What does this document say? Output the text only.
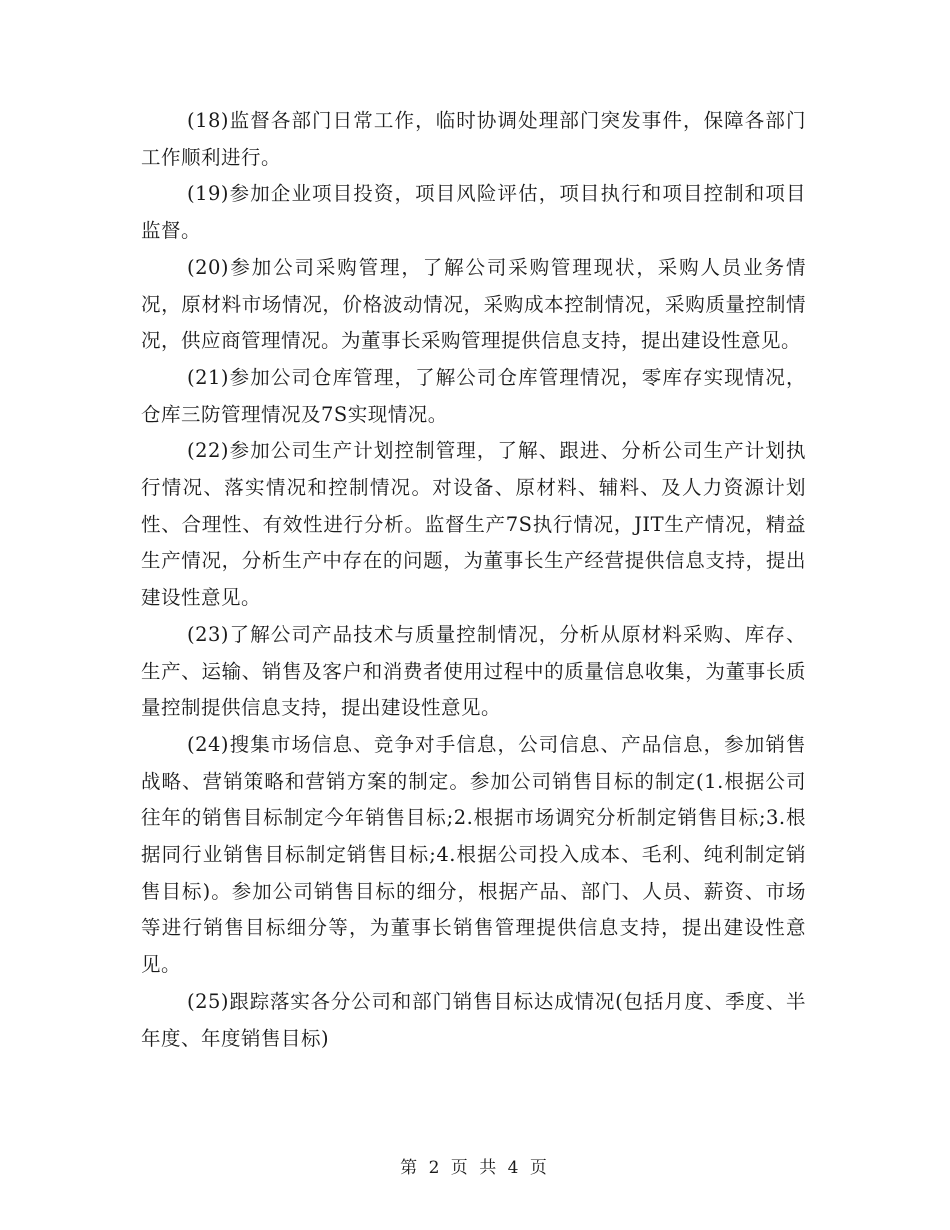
(18)监督各部门日常工作，临时协调处理部门突发事件，保障各部门工作顺利进行。

(19)参加企业项目投资，项目风险评估，项目执行和项目控制和项目监督。

(20)参加公司采购管理，了解公司采购管理现状，采购人员业务情况，原材料市场情况，价格波动情况，采购成本控制情况，采购质量控制情况，供应商管理情况。为董事长采购管理提供信息支持，提出建设性意见。

(21)参加公司仓库管理，了解公司仓库管理情况，零库存实现情况，仓库三防管理情况及7S实现情况。

(22)参加公司生产计划控制管理，了解、跟进、分析公司生产计划执行情况、落实情况和控制情况。对设备、原材料、辅料、及人力资源计划性、合理性、有效性进行分析。监督生产7S执行情况，JIT生产情况，精益生产情况，分析生产中存在的问题，为董事长生产经营提供信息支持，提出建设性意见。

(23)了解公司产品技术与质量控制情况，分析从原材料采购、库存、生产、运输、销售及客户和消费者使用过程中的质量信息收集，为董事长质量控制提供信息支持，提出建设性意见。

(24)搜集市场信息、竞争对手信息，公司信息、产品信息，参加销售战略、营销策略和营销方案的制定。参加公司销售目标的制定(1.根据公司往年的销售目标制定今年销售目标;2.根据市场调究分析制定销售目标;3.根据同行业销售目标制定销售目标;4.根据公司投入成本、毛利、纯利制定销售目标)。参加公司销售目标的细分，根据产品、部门、人员、薪资、市场等进行销售目标细分等，为董事长销售管理提供信息支持，提出建设性意见。

(25)跟踪落实各分公司和部门销售目标达成情况(包括月度、季度、半年度、年度销售目标)

第 2 页 共 4 页
